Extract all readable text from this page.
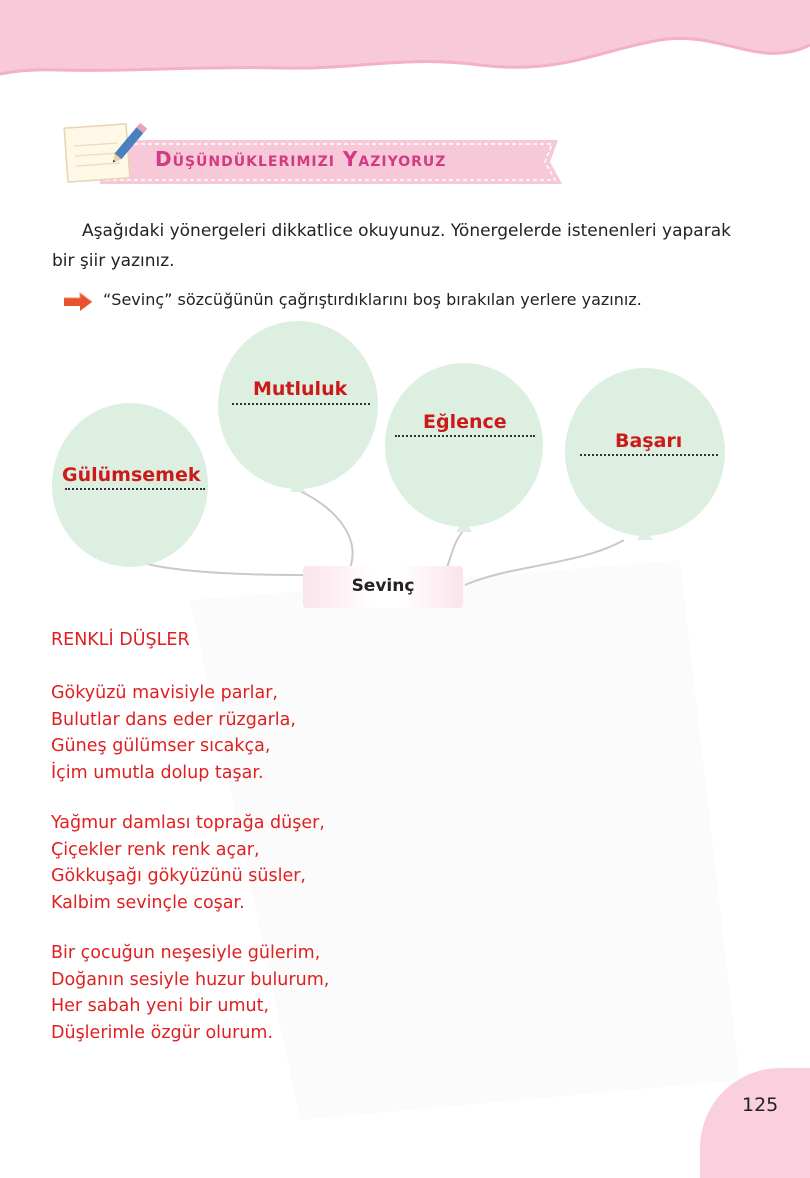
Düşündüklerimizi Yazıyoruz
Aşağıdaki yönergeleri dikkatlice okuyunuz. Yönergelerde istenenleri yaparak bir şiir yazınız.
“Sevinç” sözcüğünün çağrıştırdıklarını boş bırakılan yerlere yazınız.
Gülümsemek
Mutluluk
Eğlence
Başarı
Sevinç
RENKLİ DÜŞLER
Gökyüzü mavisiyle parlar,
Bulutlar dans eder rüzgarla,
Güneş gülümser sıcakça,
İçim umutla dolup taşar.
Yağmur damlası toprağa düşer,
Çiçekler renk renk açar,
Gökkuşağı gökyüzünü süsler,
Kalbim sevinçle coşar.
Bir çocuğun neşesiyle gülerim,
Doğanın sesiyle huzur bulurum,
Her sabah yeni bir umut,
Düşlerimle özgür olurum.
125
